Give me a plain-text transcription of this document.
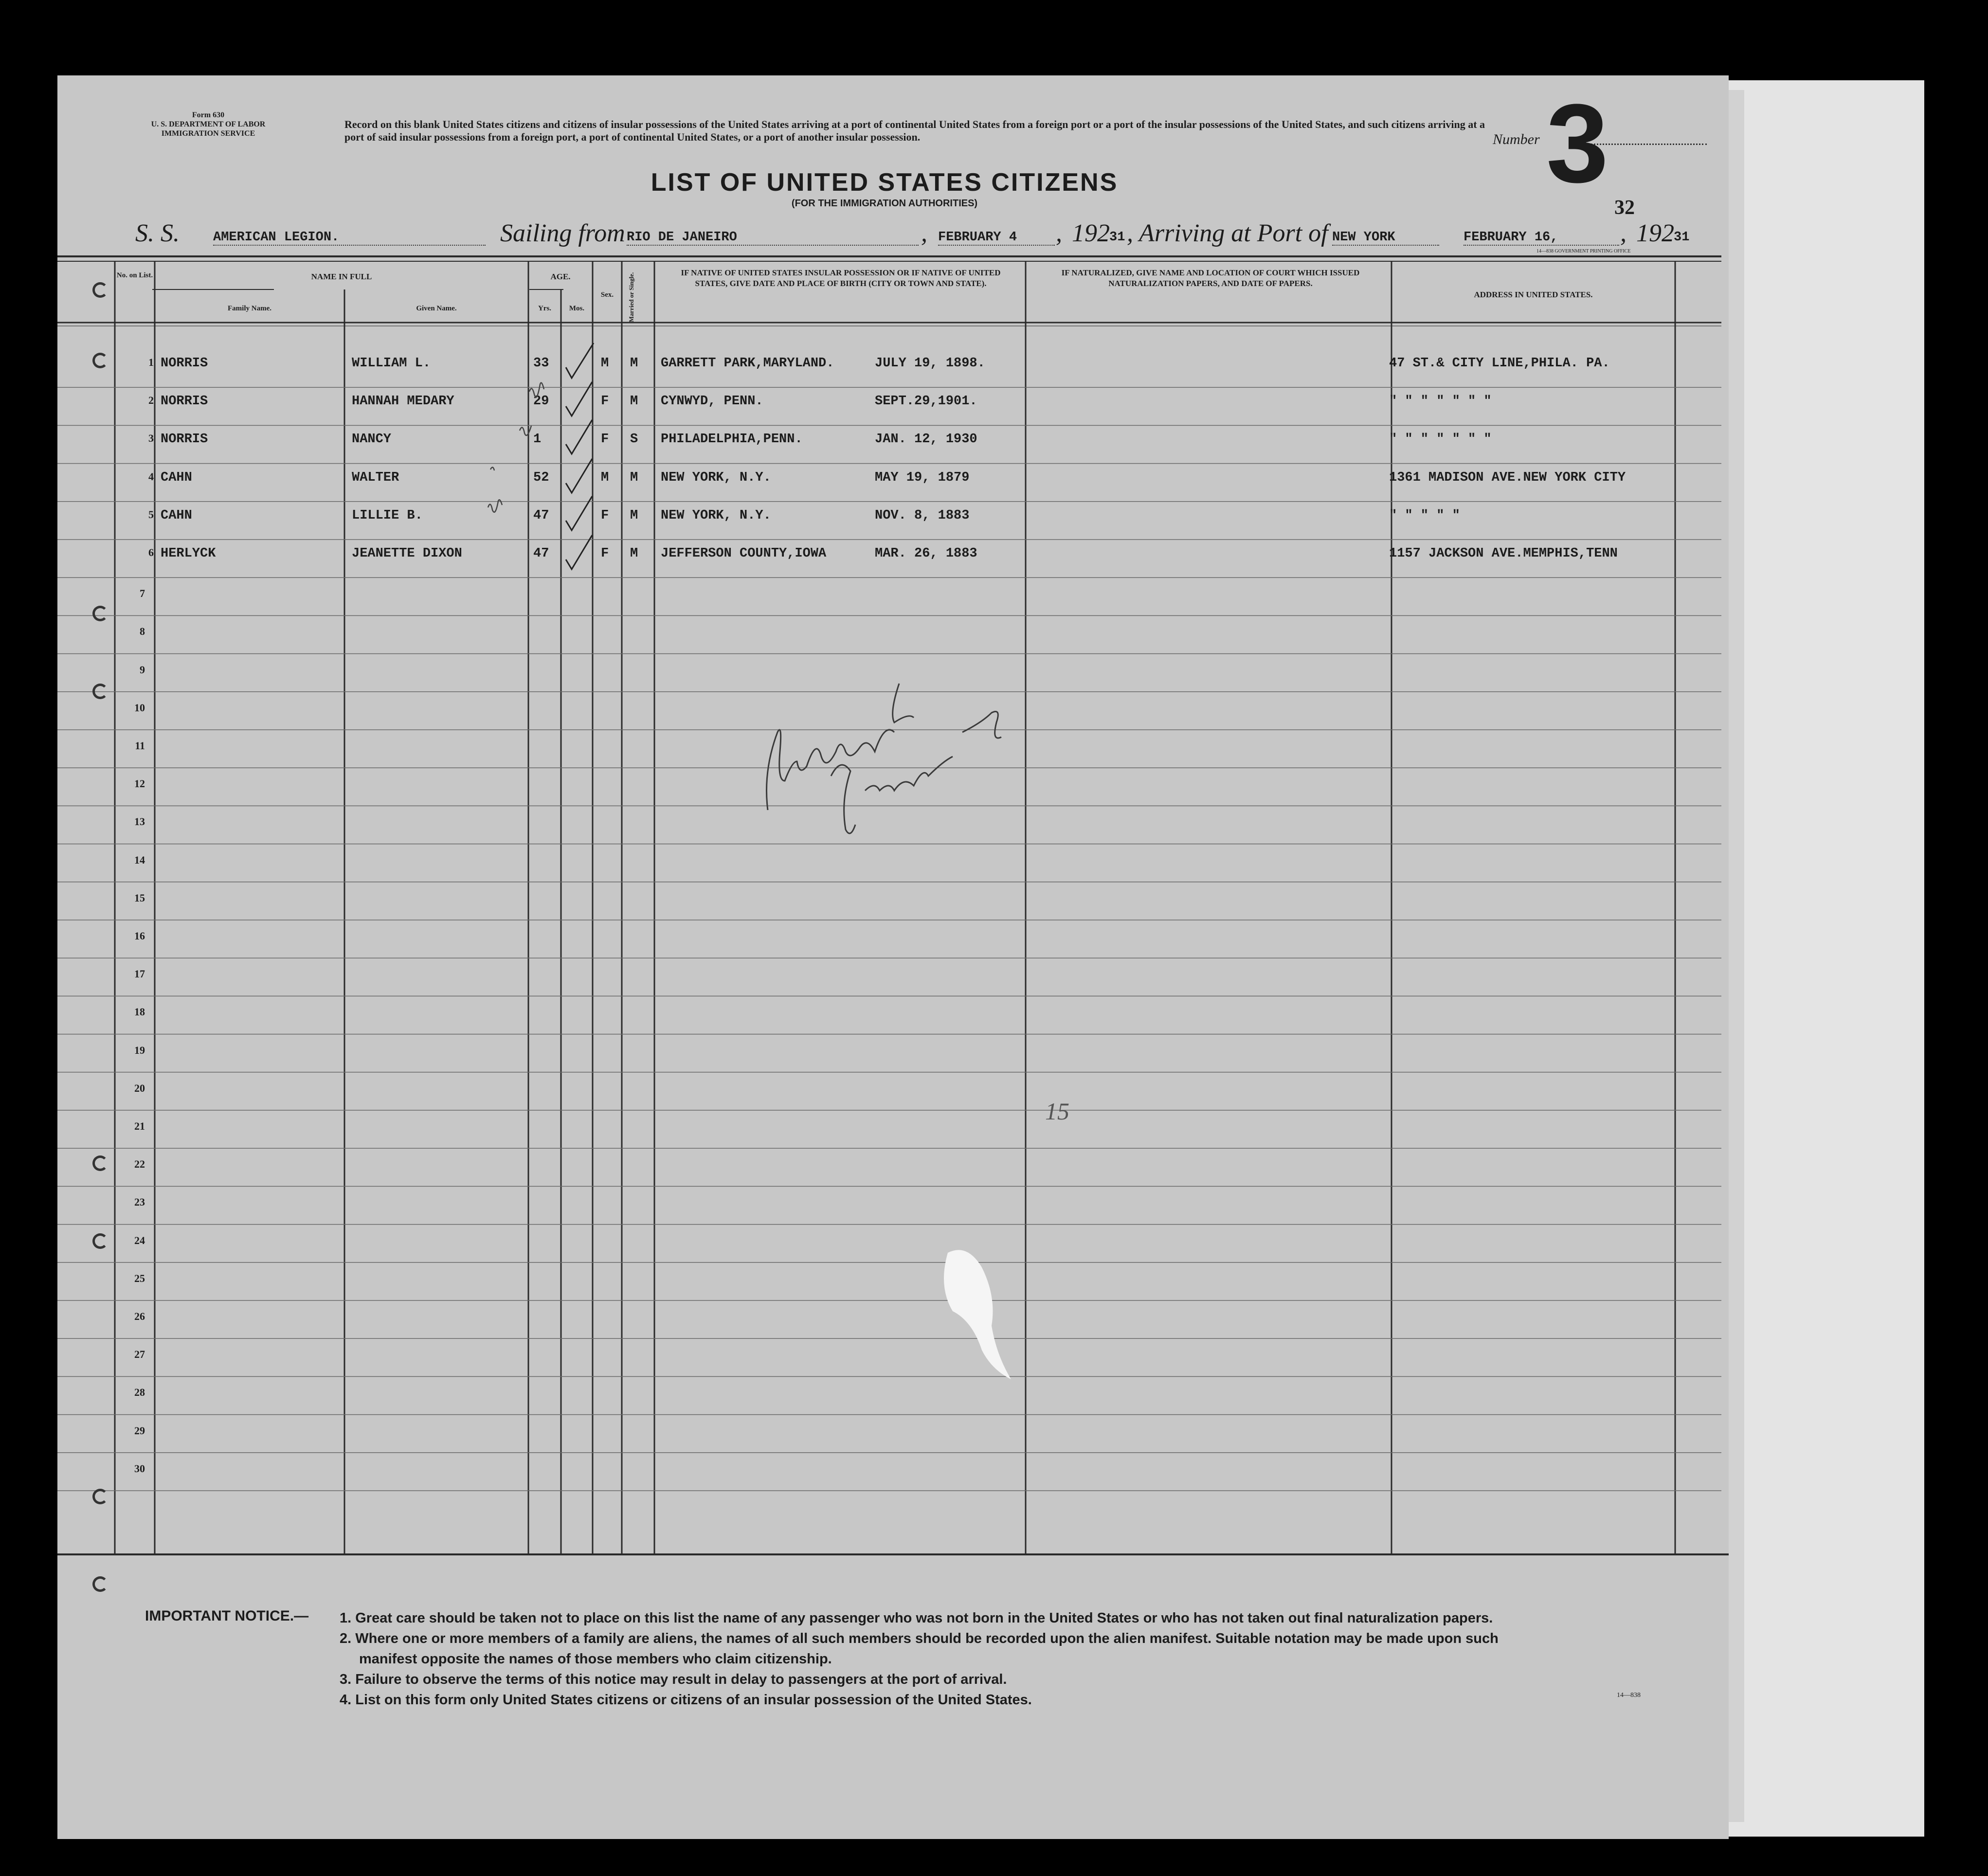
Form 630
U. S. DEPARTMENT OF LABOR
IMMIGRATION SERVICE
Record on this blank United States citizens and citizens of insular possessions of the United States arriving at a port of continental United States from a foreign port or a port of the insular possessions of the United States, and such citizens arriving at a port of said insular possessions from a foreign port, a port of continental United States, or a port of another insular possession.	Number 3
32
LIST OF UNITED STATES CITIZENS
(FOR THE IMMIGRATION AUTHORITIES)
S. S.	AMERICAN LEGION.	Sailing from RIO DE JANEIRO	, FEBRUARY 4	, 192 31 , Arriving at Port of NEW YORK	FEBRUARY 16,	, 192 31
14—838 GOVERNMENT PRINTING OFFICE
No. on List.	NAME IN FULL
Family Name.	Given Name.
AGE.
Yrs.	Mos.
Sex.	Married or Single.	IF NATIVE OF UNITED STATES INSULAR POSSESSION OR IF NATIVE OF UNITED STATES, GIVE DATE AND PLACE OF BIRTH (CITY OR TOWN AND STATE).
IF NATURALIZED, GIVE NAME AND LOCATION OF COURT WHICH ISSUED NATURALIZATION PAPERS, AND DATE OF PAPERS.
ADDRESS IN UNITED STATES.
1 NORRIS	WILLIAM L.	33	M M GARRETT PARK,MARYLAND.	JULY 19, 1898.	47 ST.& CITY LINE,PHILA. PA.
2 NORRIS	HANNAH MEDARY	29	F M CYNWYD, PENN.	SEPT.29,1901.	" " " " " " "
3 NORRIS	NANCY	1	F S PHILADELPHIA,PENN.	JAN. 12, 1930	" " " " " " "
4 CAHN	WALTER	52	M M NEW YORK, N.Y.	MAY 19, 1879	1361 MADISON AVE.NEW YORK CITY
5 CAHN	LILLIE B.	47	F M NEW YORK, N.Y.	NOV. 8, 1883	" " " " "
6 HERLYCK	JEANETTE DIXON	47	F M JEFFERSON COUNTY,IOWA	MAR. 26, 1883	1157 JACKSON AVE.MEMPHIS,TENN
7
8
9
10
11
12
13
14
15
16
17
18
19
20
21
22
23
24
25
26
27
28
29
30
15
IMPORTANT NOTICE.— 1. Great care should be taken not to place on this list the name of any passenger who was not born in the United States or who has not taken out final naturalization papers.
2. Where one or more members of a family are aliens, the names of all such members should be recorded upon the alien manifest. Suitable notation may be made upon such
manifest opposite the names of those members who claim citizenship.
3. Failure to observe the terms of this notice may result in delay to passengers at the port of arrival.
4. List on this form only United States citizens or citizens of an insular possession of the United States.	14—838
